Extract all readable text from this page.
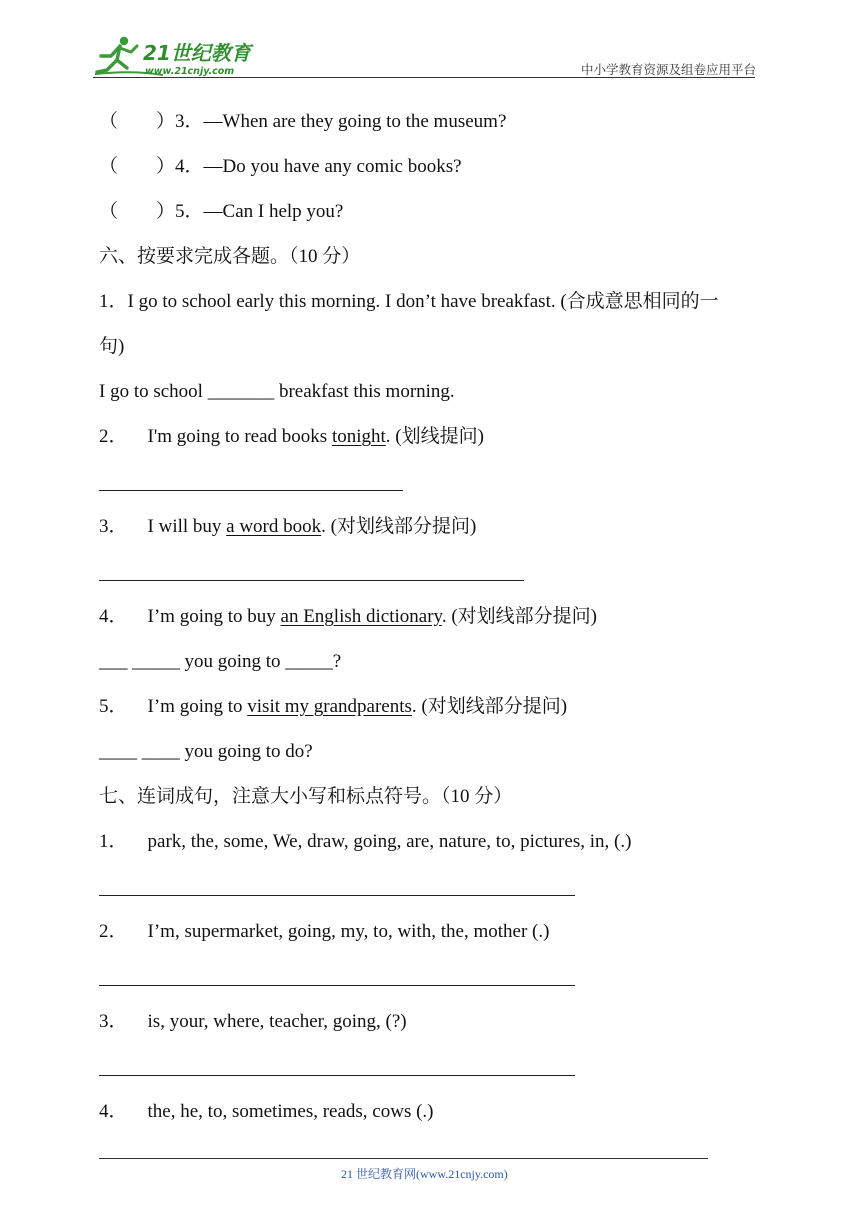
21世纪教育
www.21cnjy.com	中小学教育资源及组卷应用平台
（　　）3．—When are they going to the museum?
（　　）4．—Do you have any comic books?
（　　）5．—Can I help you?
六、按要求完成各题。（10 分）
1．I go to school early this morning. I don’t have breakfast. (合成意思相同的一
句)
I go to school _______ breakfast this morning.
2． I'm going to read books tonight. (划线提问)
3． I will buy a word book. (对划线部分提问)
4． I’m going to buy an English dictionary. (对划线部分提问)
___ _____ you going to _____?
5． I’m going to visit my grandparents. (对划线部分提问)
____ ____ you going to do?
七、连词成句，注意大小写和标点符号。（10 分）
1． park, the, some, We, draw, going, are, nature, to, pictures, in, (.)
2． I’m, supermarket, going, my, to, with, the, mother (.)
3． is, your, where, teacher, going, (?)
4． the, he, to, sometimes, reads, cows (.)
21 世纪教育网(www.21cnjy.com)
